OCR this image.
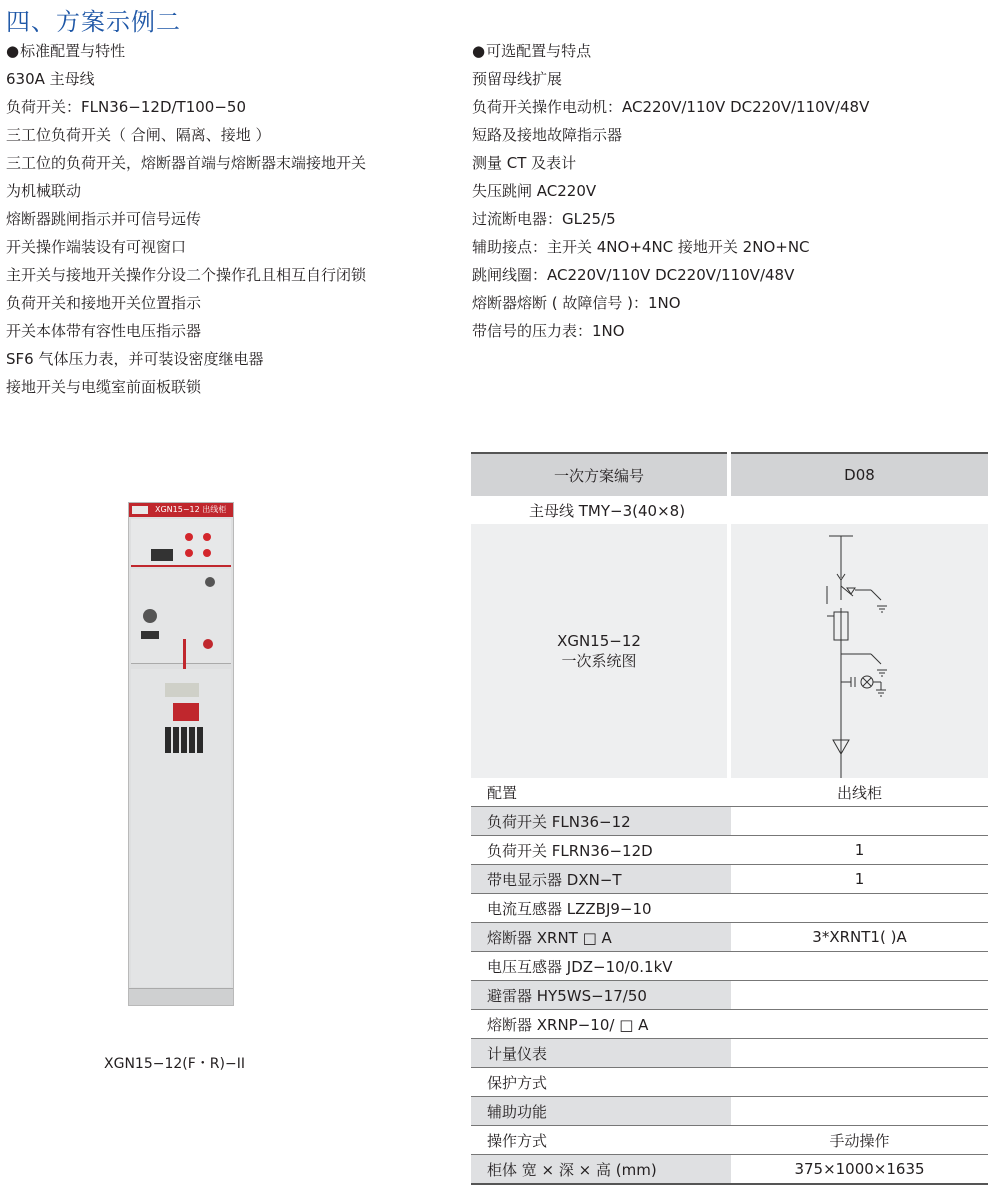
四、方案示例二
● 标准配置与特性
630A 主母线
负荷开关：FLN36−12D/T100−50
三工位负荷开关（ 合闸、隔离、接地 ）
三工位的负荷开关，熔断器首端与熔断器末端接地开关
为机械联动
熔断器跳闸指示并可信号远传
开关操作端装设有可视窗口
主开关与接地开关操作分设二个操作孔且相互自行闭锁
负荷开关和接地开关位置指示
开关本体带有容性电压指示器
SF6 气体压力表，并可装设密度继电器
接地开关与电缆室前面板联锁
● 可选配置与特点
预留母线扩展
负荷开关操作电动机：AC220V/110V DC220V/110V/48V
短路及接地故障指示器
测量 CT 及表计
失压跳闸 AC220V
过流断电器：GL25/5
辅助接点：主开关 4NO+4NC 接地开关 2NO+NC
跳闸线圈：AC220V/110V DC220V/110V/48V
熔断器熔断 ( 故障信号 )：1NO
带信号的压力表：1NO
XGN15−12 出线柜
XGN15−12(F・R)−II
一次方案编号	D08
主母线 TMY−3(40×8)
XGN15−12
一次系统图
配置	出线柜
负荷开关 FLN36−12
负荷开关 FLRN36−12D	1
带电显示器 DXN−T	1
电流互感器 LZZBJ9−10
熔断器 XRNT □ A	3*XRNT1( )A
电压互感器 JDZ−10/0.1kV
避雷器 HY5WS−17/50
熔断器 XRNP−10/ □ A
计量仪表
保护方式
辅助功能
操作方式	手动操作
柜体 宽 × 深 × 高 (mm)	375×1000×1635
